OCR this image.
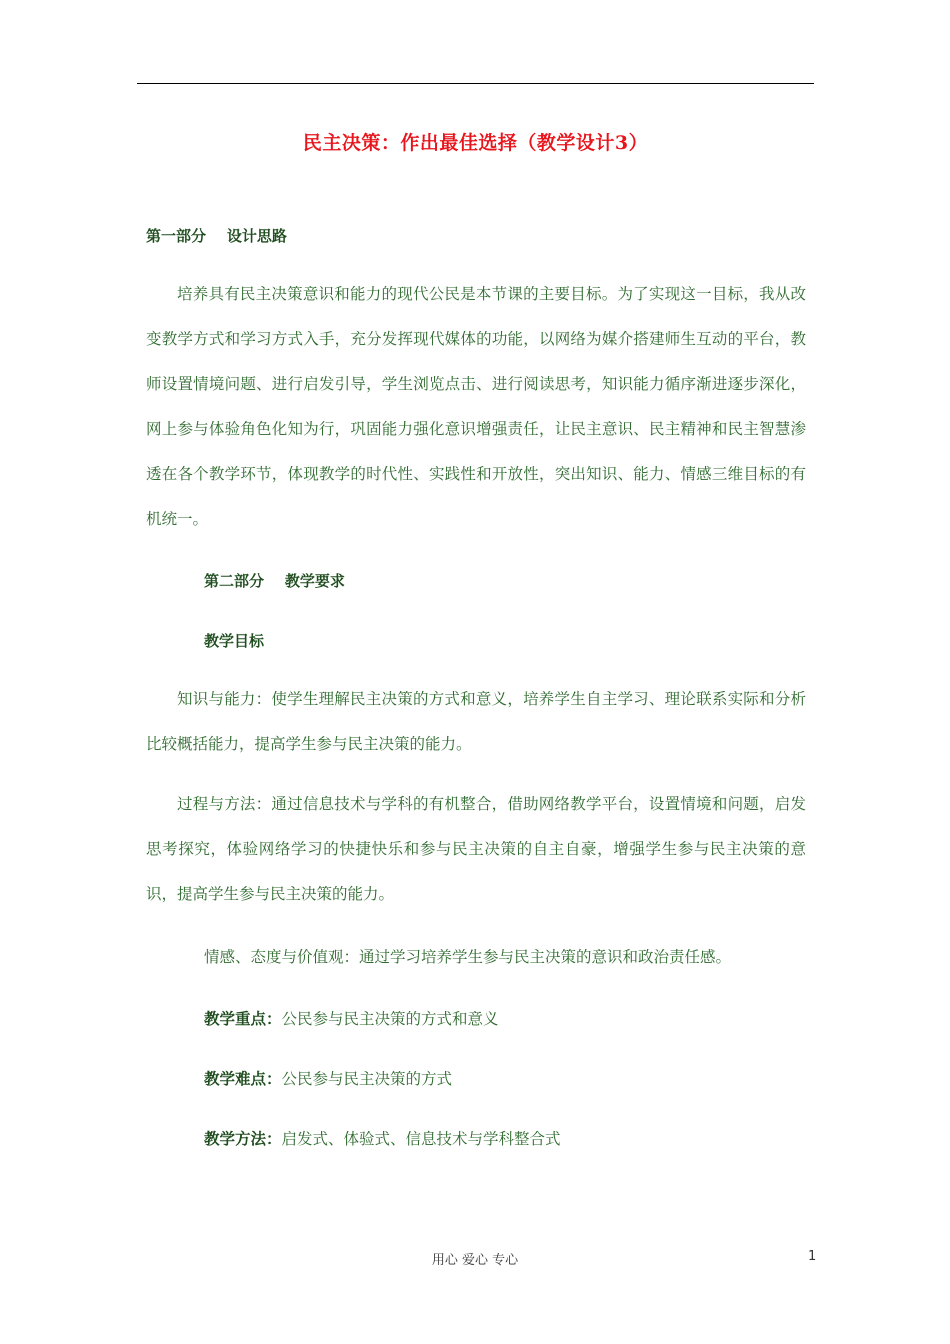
民主决策：作出最佳选择（教学设计3）
第一部分    设计思路

培养具有民主决策意识和能力的现代公民是本节课的主要目标。为了实现这一目标，我从改变教学方式和学习方式入手，充分发挥现代媒体的功能，以网络为媒介搭建师生互动的平台，教师设置情境问题、进行启发引导，学生浏览点击、进行阅读思考，知识能力循序渐进逐步深化，网上参与体验角色化知为行，巩固能力强化意识增强责任，让民主意识、民主精神和民主智慧渗透在各个教学环节，体现教学的时代性、实践性和开放性，突出知识、能力、情感三维目标的有机统一。

第二部分    教学要求
教学目标

知识与能力：使学生理解民主决策的方式和意义，培养学生自主学习、理论联系实际和分析比较概括能力，提高学生参与民主决策的能力。

过程与方法：通过信息技术与学科的有机整合，借助网络教学平台，设置情境和问题，启发思考探究，体验网络学习的快捷快乐和参与民主决策的自主自豪，增强学生参与民主决策的意识，提高学生参与民主决策的能力。

情感、态度与价值观：通过学习培养学生参与民主决策的意识和政治责任感。
教学重点：公民参与民主决策的方式和意义
教学难点：公民参与民主决策的方式
教学方法：启发式、体验式、信息技术与学科整合式
用心 爱心 专心	1
